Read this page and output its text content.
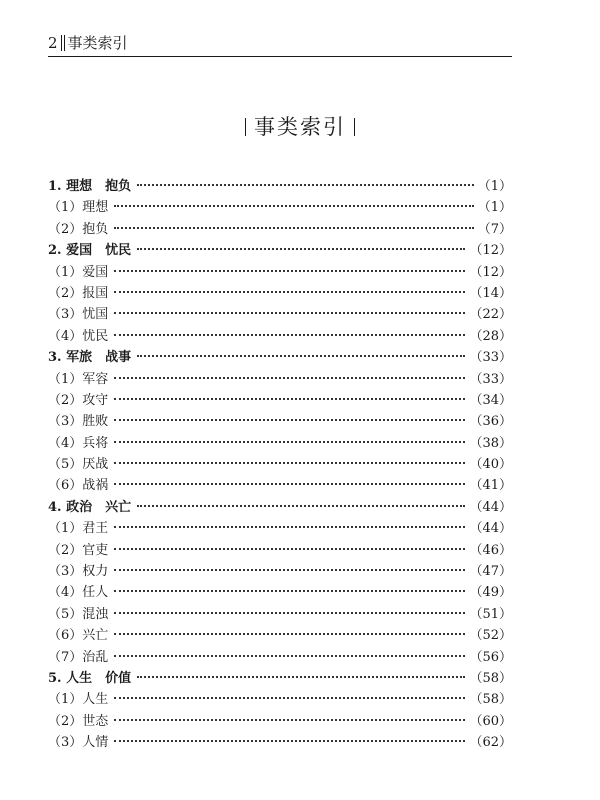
2 事类索引
事类索引
1. 理想　抱负	（1）
（1）理想	（1）
（2）抱负	（7）
2. 爱国　忧民	（12）
（1）爱国	（12）
（2）报国	（14）
（3）忧国	（22）
（4）忧民	（28）
3. 军旅　战事	（33）
（1）军容	（33）
（2）攻守	（34）
（3）胜败	（36）
（4）兵将	（38）
（5）厌战	（40）
（6）战祸	（41）
4. 政治　兴亡	（44）
（1）君王	（44）
（2）官吏	（46）
（3）权力	（47）
（4）任人	（49）
（5）混浊	（51）
（6）兴亡	（52）
（7）治乱	（56）
5. 人生　价值	（58）
（1）人生	（58）
（2）世态	（60）
（3）人情	（62）
